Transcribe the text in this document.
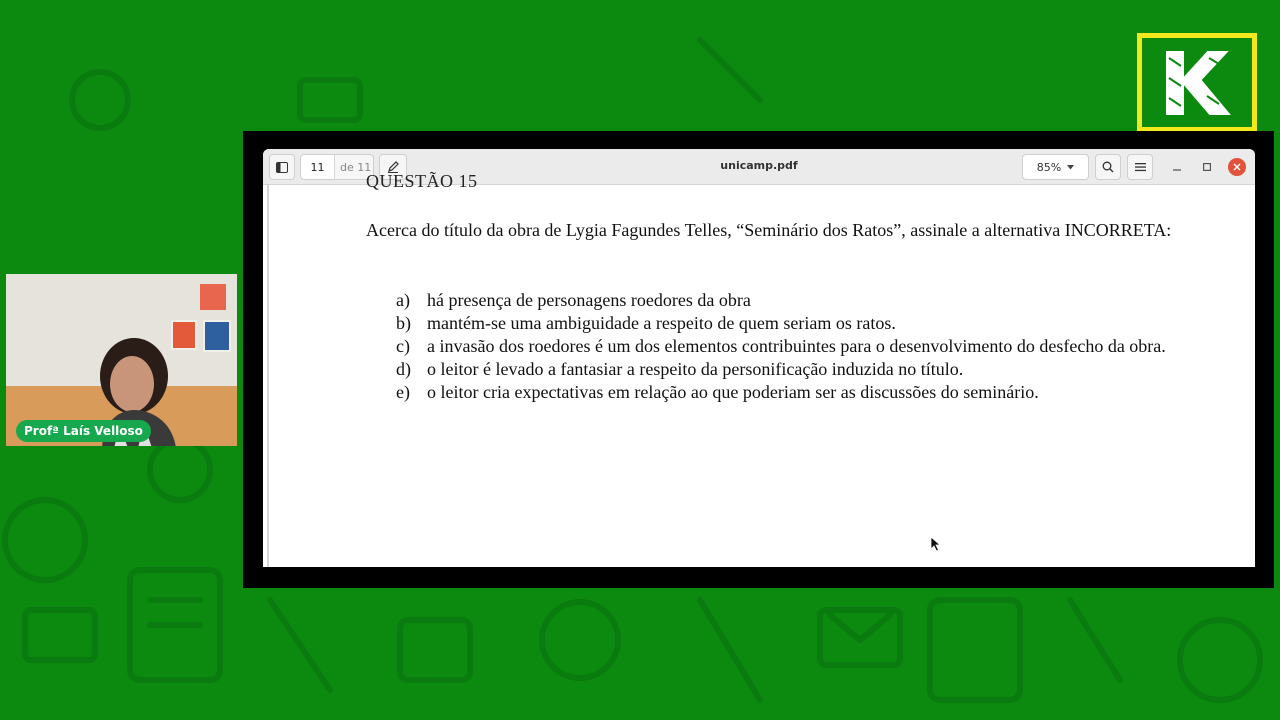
Profª Laís Velloso
11	de 11	unicamp.pdf	85%
QUESTÃO 15
Acerca do título da obra de Lygia Fagundes Telles, “Seminário dos Ratos”, assinale a alternativa INCORRETA:
a) há presença de personagens roedores da obra
b) mantém-se uma ambiguidade a respeito de quem seriam os ratos.
c) a invasão dos roedores é um dos elementos contribuintes para o desenvolvimento do desfecho da obra.
d) o leitor é levado a fantasiar a respeito da personificação induzida no título.
e) o leitor cria expectativas em relação ao que poderiam ser as discussões do seminário.
